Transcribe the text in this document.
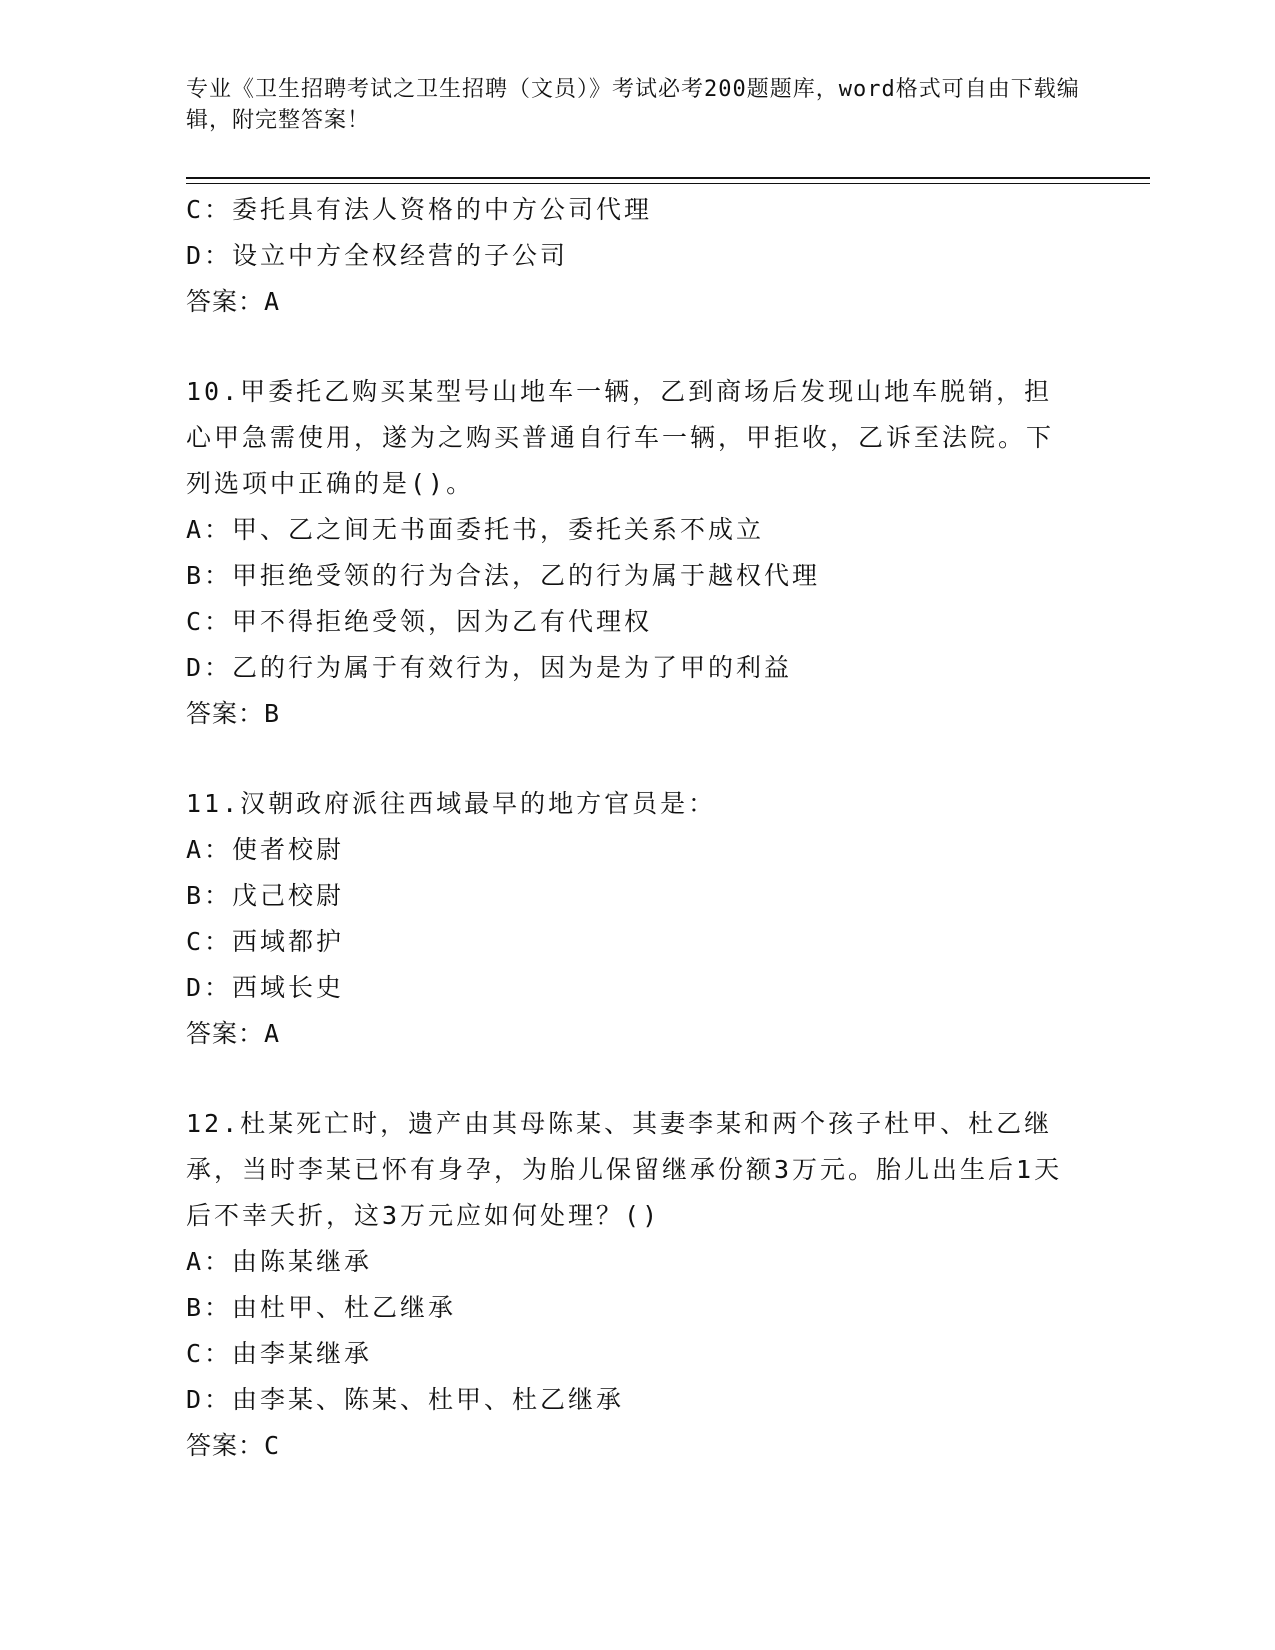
专业《卫生招聘考试之卫生招聘（文员）》考试必考200题题库，word格式可自由下载编辑，附完整答案！
C：委托具有法人资格的中方公司代理
D：设立中方全权经营的子公司
答案：A
10.甲委托乙购买某型号山地车一辆，乙到商场后发现山地车脱销，担心甲急需使用，遂为之购买普通自行车一辆，甲拒收，乙诉至法院。下列选项中正确的是()。
A：甲、乙之间无书面委托书，委托关系不成立
B：甲拒绝受领的行为合法，乙的行为属于越权代理
C：甲不得拒绝受领，因为乙有代理权
D：乙的行为属于有效行为，因为是为了甲的利益
答案：B
11.汉朝政府派往西域最早的地方官员是：
A：使者校尉
B：戊己校尉
C：西域都护
D：西域长史
答案：A
12.杜某死亡时，遗产由其母陈某、其妻李某和两个孩子杜甲、杜乙继承，当时李某已怀有身孕，为胎儿保留继承份额3万元。胎儿出生后1天后不幸夭折，这3万元应如何处理？()
A：由陈某继承
B：由杜甲、杜乙继承
C：由李某继承
D：由李某、陈某、杜甲、杜乙继承
答案：C
